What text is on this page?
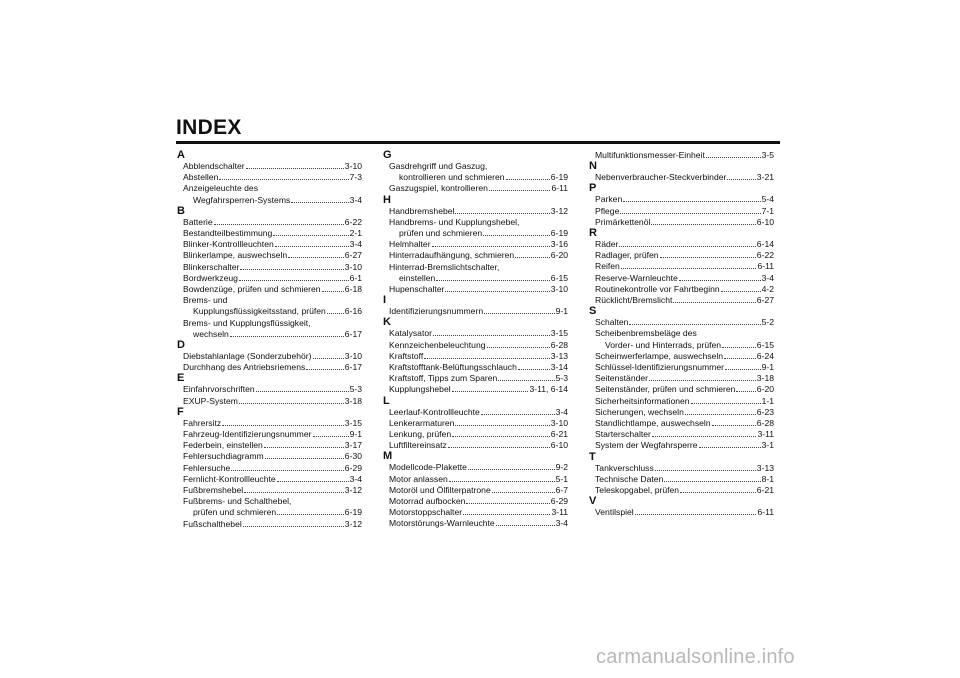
INDEX
A
Abblendschalter	3-10
Abstellen	7-3
Anzeigeleuchte des
Wegfahrsperren-Systems	3-4
B
Batterie	6-22
Bestandteilbestimmung	2-1
Blinker-Kontrollleuchten	3-4
Blinkerlampe, auswechseln	6-27
Blinkerschalter	3-10
Bordwerkzeug	6-1
Bowdenzüge, prüfen und schmieren	6-18
Brems- und
Kupplungsflüssigkeitsstand, prüfen 6-16
Brems- und Kupplungsflüssigkeit,
wechseln	6-17
D
Diebstahlanlage (Sonderzubehör)	3-10
Durchhang des Antriebsriemens	6-17
E
Einfahrvorschriften	5-3
EXUP-System	3-18
F
Fahrersitz	3-15
Fahrzeug-Identifizierungsnummer	9-1
Federbein, einstellen	3-17
Fehlersuchdiagramm	6-30
Fehlersuche	6-29
Fernlicht-Kontrollleuchte	3-4
Fußbremshebel	3-12
Fußbrems- und Schalthebel,
prüfen und schmieren	6-19
Fußschalthebel	3-12
G
Gasdrehgriff und Gaszug,
kontrollieren und schmieren	6-19
Gaszugspiel, kontrollieren	6-11
H
Handbremshebel	3-12
Handbrems- und Kupplungshebel,
prüfen und schmieren	6-19
Helmhalter	3-16
Hinterradaufhängung, schmieren	6-20
Hinterrad-Bremslichtschalter,
einstellen	6-15
Hupenschalter	3-10
I
Identifizierungsnummern	9-1
K
Katalysator	3-15
Kennzeichenbeleuchtung	6-28
Kraftstoff	3-13
Kraftstofftank-Belüftungsschlauch	3-14
Kraftstoff, Tipps zum Sparen	5-3
Kupplungshebel	3-11, 6-14
L
Leerlauf-Kontrollleuchte	3-4
Lenkerarmaturen	3-10
Lenkung, prüfen	6-21
Luftfiltereinsatz	6-10
M
Modellcode-Plakette	9-2
Motor anlassen	5-1
Motoröl und Ölfilterpatrone	6-7
Motorrad aufbocken	6-29
Motorstoppschalter	3-11
Motorstörungs-Warnleuchte	3-4
Multifunktionsmesser-Einheit	3-5
N
Nebenverbraucher-Steckverbinder	3-21
P
Parken	5-4
Pflege	7-1
Primärkettenöl	6-10
R
Räder	6-14
Radlager, prüfen	6-22
Reifen	6-11
Reserve-Warnleuchte	3-4
Routinekontrolle vor Fahrtbeginn	4-2
Rücklicht/Bremslicht	6-27
S
Schalten	5-2
Scheibenbremsbeläge des
Vorder- und Hinterrads, prüfen	6-15
Scheinwerferlampe, auswechseln	6-24
Schlüssel-Identifizierungsnummer	9-1
Seitenständer	3-18
Seitenständer, prüfen und schmieren 6-20
Sicherheitsinformationen	1-1
Sicherungen, wechseln	6-23
Standlichtlampe, auswechseln	6-28
Starterschalter	3-11
System der Wegfahrsperre	3-1
T
Tankverschluss	3-13
Technische Daten	8-1
Teleskopgabel, prüfen	6-21
V
Ventilspiel	6-11
carmanualsonline.info
